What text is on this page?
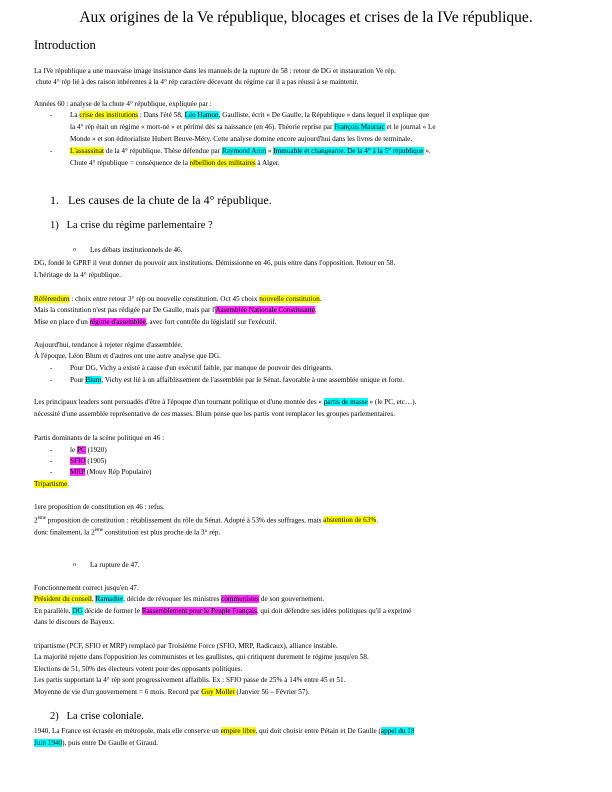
Aux origines de la Ve république, blocages et crises de la IVe république.
Introduction
La IVe république a une mauvaise image insistance dans les manuels de la rupture de 58 : retour de DG et instauration Ve rép.
chute 4° rép lié à des raison inhérentes à la 4° rép caractère décevant du régime car il a pas réussi à se maintenir.
Années 60 : analyse de la chute 4° république, expliquée par :
- La crise des institutions : Dans l'été 58, Léo Hamon, Gaulliste, écrit « De Gaulle, la République » dans lequel il explique que
la 4° rép était un régime « mort-né » et périmé dès sa naissance (en 46). Théorie reprise par François Mauriac et le journal « Le
Monde » et son éditorialiste Hubert Beuve-Méry. Cette analyse domine encore aujourd'hui dans les livres de terminale.
- L'assassinat de la 4° république. Thèse défendue par Raymond Aron « Immuable et changeante. De la 4° à la 5° république ».
Chute 4° république = conséquence de la rébellion des militaires à Alger.
1. Les causes de la chute de la 4° république.
1) La crise du régime parlementaire ?
o Les débats institutionnels de 46.
DG, fondé le GPRF il veut donner du pouvoir aux institutions. Démissionne en 46, puis entre dans l'opposition. Retour en 58.
L'héritage de la 4° république.
Référendum : choix entre retour 3° rép ou nouvelle constitution. Oct 45 choix nouvelle constitution.
Mais la constitution n'est pas rédigée par De Gaulle, mais par l'Assemblée Nationale Constituante.
Mise en place d'un régime d'assemblée, avec fort contrôle du législatif sur l'exécutif.
Aujourd'hui, tendance à rejeter régime d'assemblée.
À l'époque, Léon Blum et d'autres ont une autre analyse que DG.
- Pour DG, Vichy a existé à cause d'un exécutif faible, par manque de pouvoir des dirigeants.
- Pour Blum, Vichy est lié à un affaiblissement de l'assemblée par le Sénat. favorable à une assemblée unique et forte.
Les principaux leaders sont persuadés d'être à l'époque d'un tournant politique et d'une montée des « partis de masse » (le PC, etc…).
nécessité d'une assemblée représentative de ces masses. Blum pense que les partis vont remplacer les groupes parlementaires.
Partis dominants de la scène politique en 46 :
- le PC (1920)
- SFIO (1905)
- MRP (Mouv Rép Populaire)
Tripartisme.
1ere proposition de constitution en 46 : refus.
2ème proposition de constitution : rétablissement du rôle du Sénat. Adopté à 53% des suffrages, mais abstention de 63%.
donc finalement, la 2ème constitution est plus proche de la 3° rép.
o La rupture de 47.
Fonctionnement correct jusqu'en 47.
Président du conseil, Ramadier, décide de révoquer les ministres communistes de son gouvernement.
En parallèle, DG décide de former le Rassemblement pour le Peuple Français, qui doit défendre ses idées politiques qu'il a exprimé
dans le discours de Bayeux.
tripartisme (PCF, SFIO et MRP) remplacé par Troisième Force (SFIO, MRP, Radicaux), alliance instable.
La majorité rejette dans l'opposition les communistes et les gaullistes, qui critiquent durement le régime jusqu'en 58.
Elections de 51, 50% des électeurs votent pour des opposants politiques.
Les partis supportant la 4° rép sont progressivement affaiblis. Ex : SFIO passe de 25% à 14% entre 45 et 51.
Moyenne de vie d'un gouvernement = 6 mois. Record par Guy Mollet (Janvier 56 – Février 57).
2) La crise coloniale.
1940, La France est écrasée en métropole, mais elle conserve un empire libre, qui doit choisir entre Pétain et De Gaulle (appel du 18
Juin 1940), puis entre De Gaulle et Giraud.
